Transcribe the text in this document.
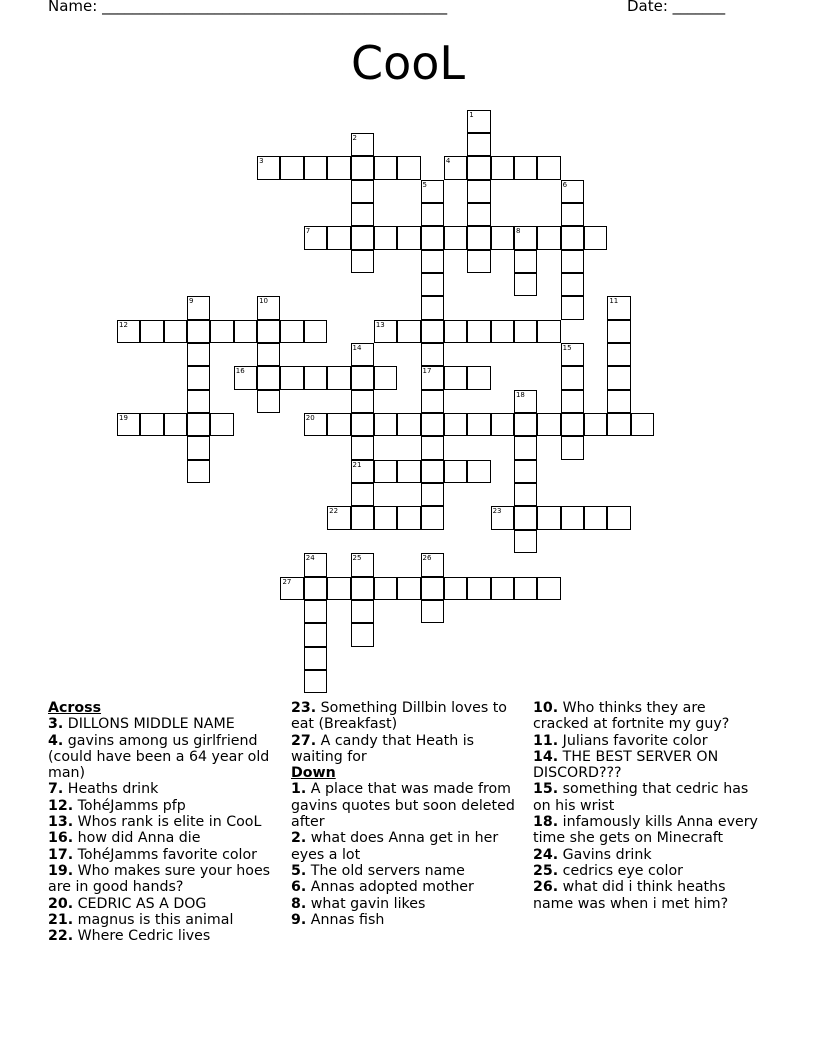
Name: ______________________________________________	Date: _______
CooL
1
2
3	4
5
17
6
7	8
9	10	11
12	13
14
21
15
16
18
19	20
22	23
24	25	26
27
Across
3. DILLONS MIDDLE NAME
4. gavins among us girlfriend (could have been a 64 year old man)
7. Heaths drink
12. TohéJamms pfp
13. Whos rank is elite in CooL
16. how did Anna die
17. TohéJamms favorite color
19. Who makes sure your hoes are in good hands?
20. CEDRIC AS A DOG
21. magnus is this animal
22. Where Cedric lives
23. Something Dillbin loves to eat (Breakfast)
27. A candy that Heath is waiting for
Down
1. A place that was made from gavins quotes but soon deleted after
2. what does Anna get in her eyes a lot
5. The old servers name
6. Annas adopted mother
8. what gavin likes
9. Annas fish
10. Who thinks they are cracked at fortnite my guy?
11. Julians favorite color
14. THE BEST SERVER ON DISCORD???
15. something that cedric has on his wrist
18. infamously kills Anna every time she gets on Minecraft
24. Gavins drink
25. cedrics eye color
26. what did i think heaths name was when i met him?
